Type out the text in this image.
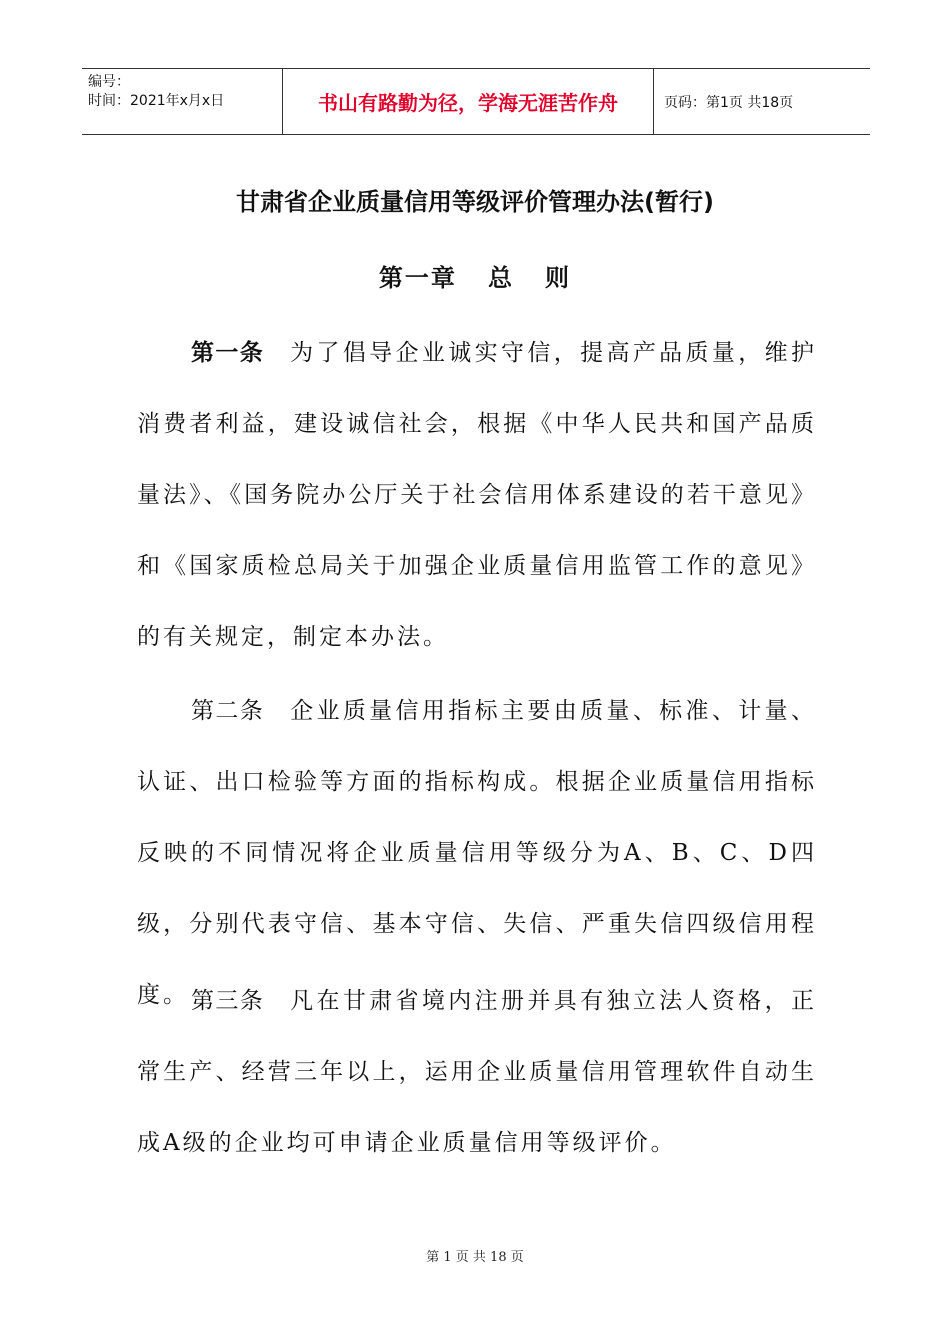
编号：
时间：2021年x月x日	书山有路勤为径，学海无涯苦作舟	页码：第1页 共18页
甘肃省企业质量信用等级评价管理办法(暂行)
第一章   总   则

第一条 为了倡导企业诚实守信，提高产品质量，维护消费者利益，建设诚信社会，根据《中华人民共和国产品质量法》、《国务院办公厅关于社会信用体系建设的若干意见》和《国家质检总局关于加强企业质量信用监管工作的意见》的有关规定，制定本办法。

第二条 企业质量信用指标主要由质量、标准、计量、认证、出口检验等方面的指标构成。根据企业质量信用指标反映的不同情况将企业质量信用等级分为A、B、C、D四级，分别代表守信、基本守信、失信、严重失信四级信用程度。 第三条 凡在甘肃省境内注册并具有独立法人资格，正常生产、经营三年以上，运用企业质量信用管理软件自动生成A级的企业均可申请企业质量信用等级评价。

第 1 页 共 18 页
